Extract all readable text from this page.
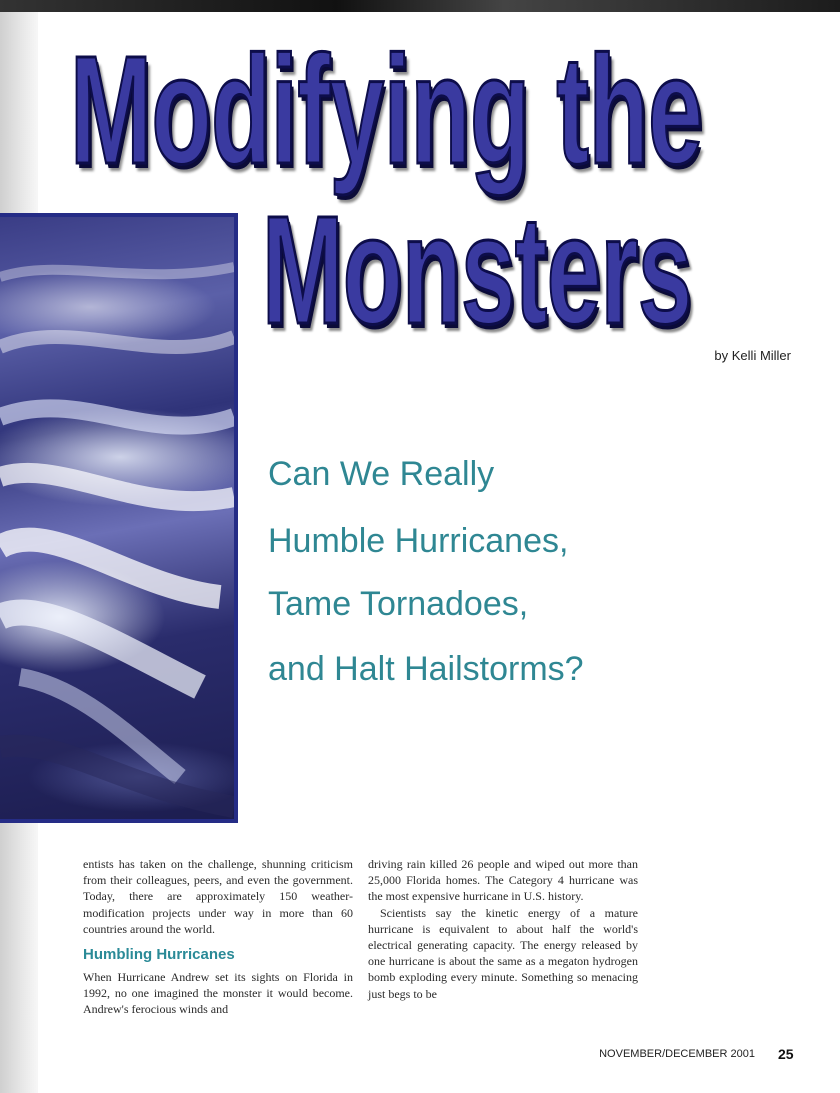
Modifying the
Monsters	by Kelli Miller
Can We Really
Humble Hurricanes,
Tame Tornadoes,
and Halt Hailstorms?

entists has taken on the challenge, shunning criticism from their colleagues, peers, and even the government. Today, there are approximately 150 weather-modification projects under way in more than 60 countries around the world.

Humbling Hurricanes

When Hurricane Andrew set its sights on Florida in 1992, no one imagined the monster it would become. Andrew's ferocious winds and

driving rain killed 26 people and wiped out more than 25,000 Florida homes. The Category 4 hurricane was the most expensive hurricane in U.S. history.

Scientists say the kinetic energy of a mature hurricane is equivalent to about half the world's electrical generating capacity. The energy released by one hurricane is about the same as a megaton hydrogen bomb exploding every minute. Something so menacing just begs to be

NOVEMBER/DECEMBER 2001 25
